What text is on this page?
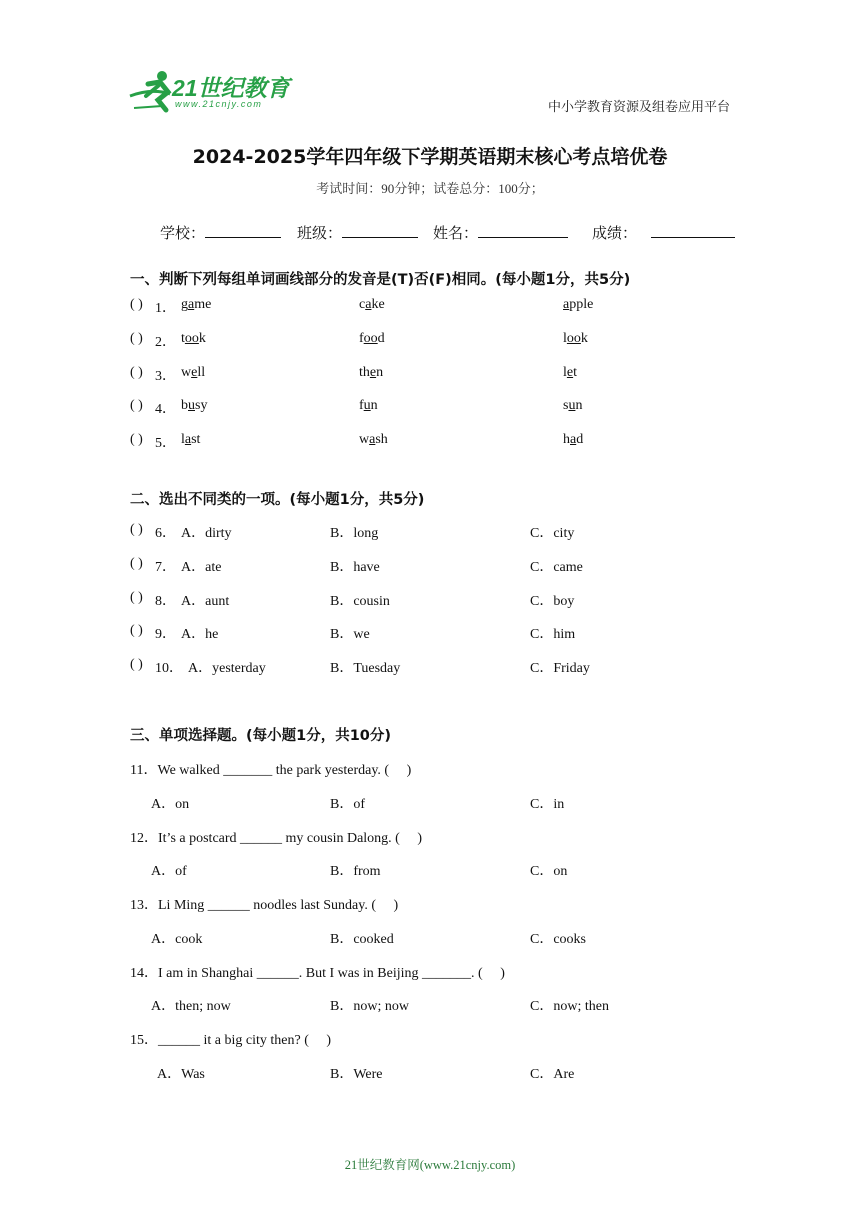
21世纪教育
www.21cnjy.com	中小学教育资源及组卷应用平台
2024-2025学年四年级下学期英语期末核心考点培优卷
考试时间：90分钟；试卷总分：100分；
学校：	班级：	姓名：	成绩：
一、判断下列每组单词画线部分的发音是(T)否(F)相同。(每小题1分，共5分)
( ) 1． game	cake	apple
( ) 2． took	food	look
( ) 3． well	then	let
( ) 4． busy	fun	sun
( ) 5． last	wash	had
二、选出不同类的一项。(每小题1分，共5分)
( ) 6． A．dirty	B．long	C．city
( ) 7． A．ate	B．have	C．came
( ) 8． A．aunt	B．cousin	C．boy
( ) 9． A．he	B．we	C．him
( ) 10． A．yesterday	B．Tuesday	C．Friday
三、单项选择题。(每小题1分，共10分)
11．We walked _______ the park yesterday. (     )
A．on	B．of	C．in
12．It’s a postcard ______ my cousin Dalong. (     )
A．of	B．from	C．on
13．Li Ming ______ noodles last Sunday. (     )
A．cook	B．cooked	C．cooks
14．I am in Shanghai ______. But I was in Beijing _______. (     )
A．then; now	B．now; now	C．now; then
15．______ it a big city then? (     )
A．Was	B．Were	C．Are
21世纪教育网(www.21cnjy.com)
